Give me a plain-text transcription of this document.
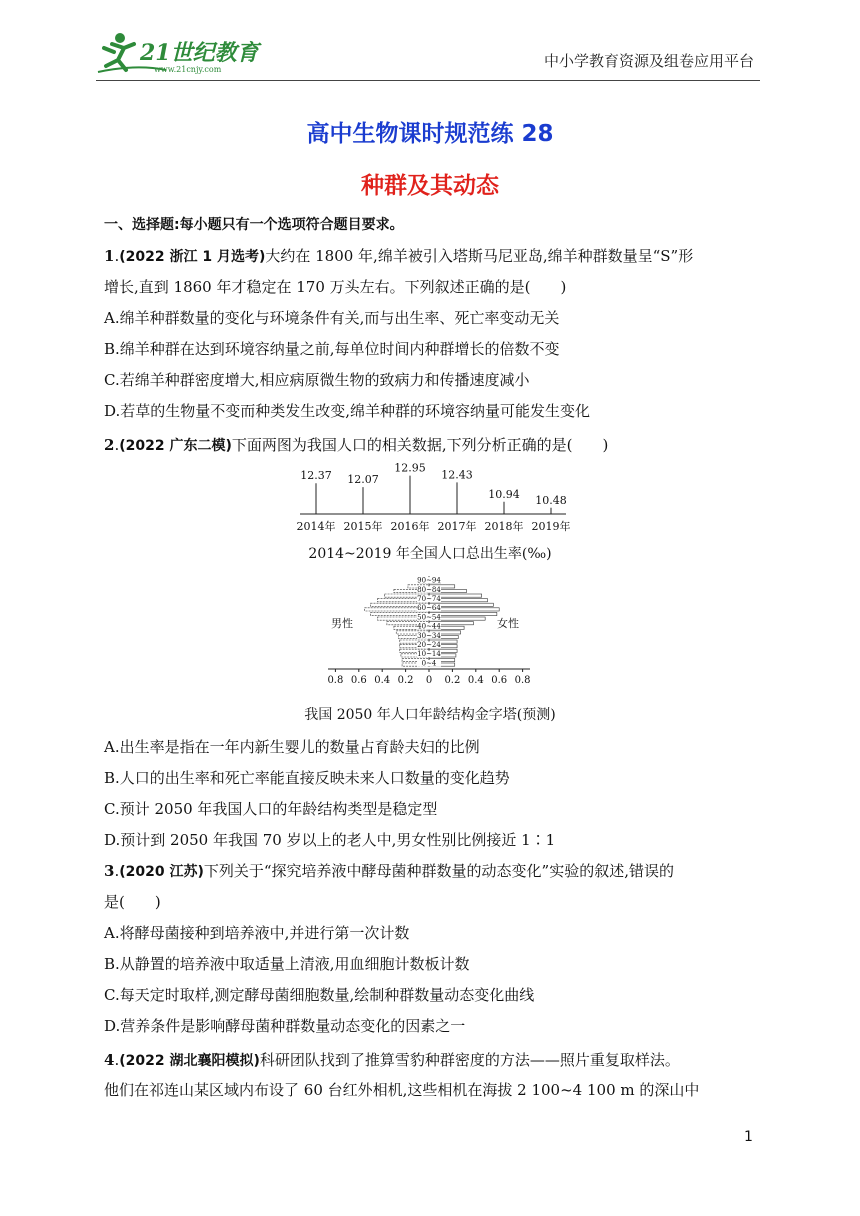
21世纪教育
www.21cnjy.com	中小学教育资源及组卷应用平台
高中生物课时规范练 28
种群及其动态
一、选择题:每小题只有一个选项符合题目要求。
1.(2022 浙江 1 月选考)大约在 1800 年,绵羊被引入塔斯马尼亚岛,绵羊种群数量呈“S”形
增长,直到 1860 年才稳定在 170 万头左右。下列叙述正确的是(　　)
A.绵羊种群数量的变化与环境条件有关,而与出生率、死亡率变动无关
B.绵羊种群在达到环境容纳量之前,每单位时间内种群增长的倍数不变
C.若绵羊种群密度增大,相应病原微生物的致病力和传播速度减小
D.若草的生物量不变而种类发生改变,绵羊种群的环境容纳量可能发生变化
2.(2022 广东二模)下面两图为我国人口的相关数据,下列分析正确的是(　　)
12.37
2014年
12.07
2015年
12.95
2016年
12.43
2017年
10.94
2018年
10.48
2019年
2014~2019 年全国人口总出生率(‰)
0~4
10~14
20~24
30~34
40~44
50~54
60~64
70~74
80~84
90~94
男性	女性
0.8 0.6 0.4 0.2 0 0.2 0.4 0.6 0.8
我国 2050 年人口年龄结构金字塔(预测)
A.出生率是指在一年内新生婴儿的数量占育龄夫妇的比例
B.人口的出生率和死亡率能直接反映未来人口数量的变化趋势
C.预计 2050 年我国人口的年龄结构类型是稳定型
D.预计到 2050 年我国 70 岁以上的老人中,男女性别比例接近 1∶1
3.(2020 江苏)下列关于“探究培养液中酵母菌种群数量的动态变化”实验的叙述,错误的
是(　　)
A.将酵母菌接种到培养液中,并进行第一次计数
B.从静置的培养液中取适量上清液,用血细胞计数板计数
C.每天定时取样,测定酵母菌细胞数量,绘制种群数量动态变化曲线
D.营养条件是影响酵母菌种群数量动态变化的因素之一
4.(2022 湖北襄阳模拟)科研团队找到了推算雪豹种群密度的方法——照片重复取样法。
他们在祁连山某区域内布设了 60 台红外相机,这些相机在海拔 2 100~4 100 m 的深山中
1
